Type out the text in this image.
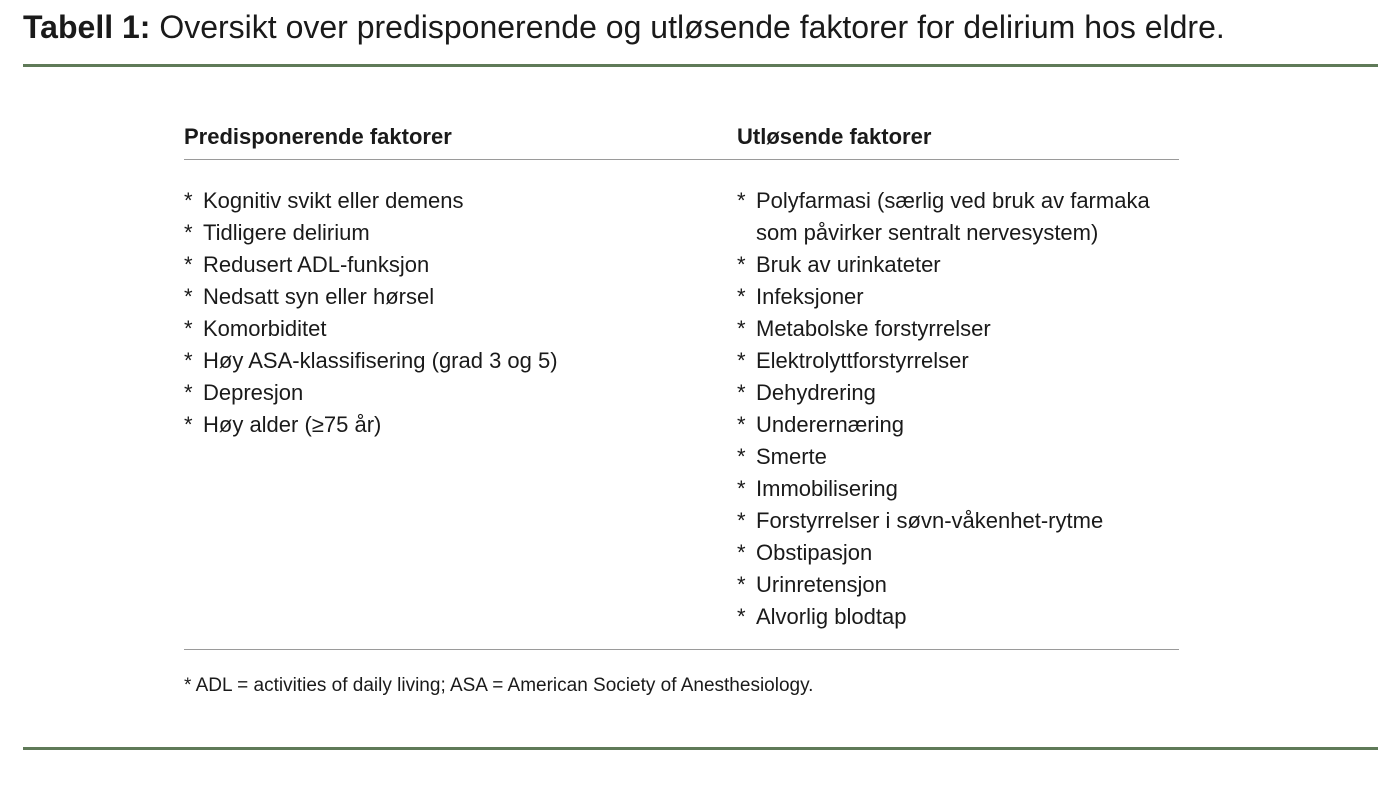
Tabell 1: Oversikt over predisponerende og utløsende faktorer for delirium hos eldre.
Predisponerende faktorer	Utløsende faktorer
* Kognitiv svikt eller demens
* Tidligere delirium
* Redusert ADL-funksjon
* Nedsatt syn eller hørsel
* Komorbiditet
* Høy ASA-klassifisering (grad 3 og 5)
* Depresjon
* Høy alder (≥75 år)
* Polyfarmasi (særlig ved bruk av farmaka
som påvirker sentralt nervesystem)
* Bruk av urinkateter
* Infeksjoner
* Metabolske forstyrrelser
* Elektrolyttforstyrrelser
* Dehydrering
* Underernæring
* Smerte
* Immobilisering
* Forstyrrelser i søvn-våkenhet-rytme
* Obstipasjon
* Urinretensjon
* Alvorlig blodtap
* ADL = activities of daily living; ASA = American Society of Anesthesiology.
